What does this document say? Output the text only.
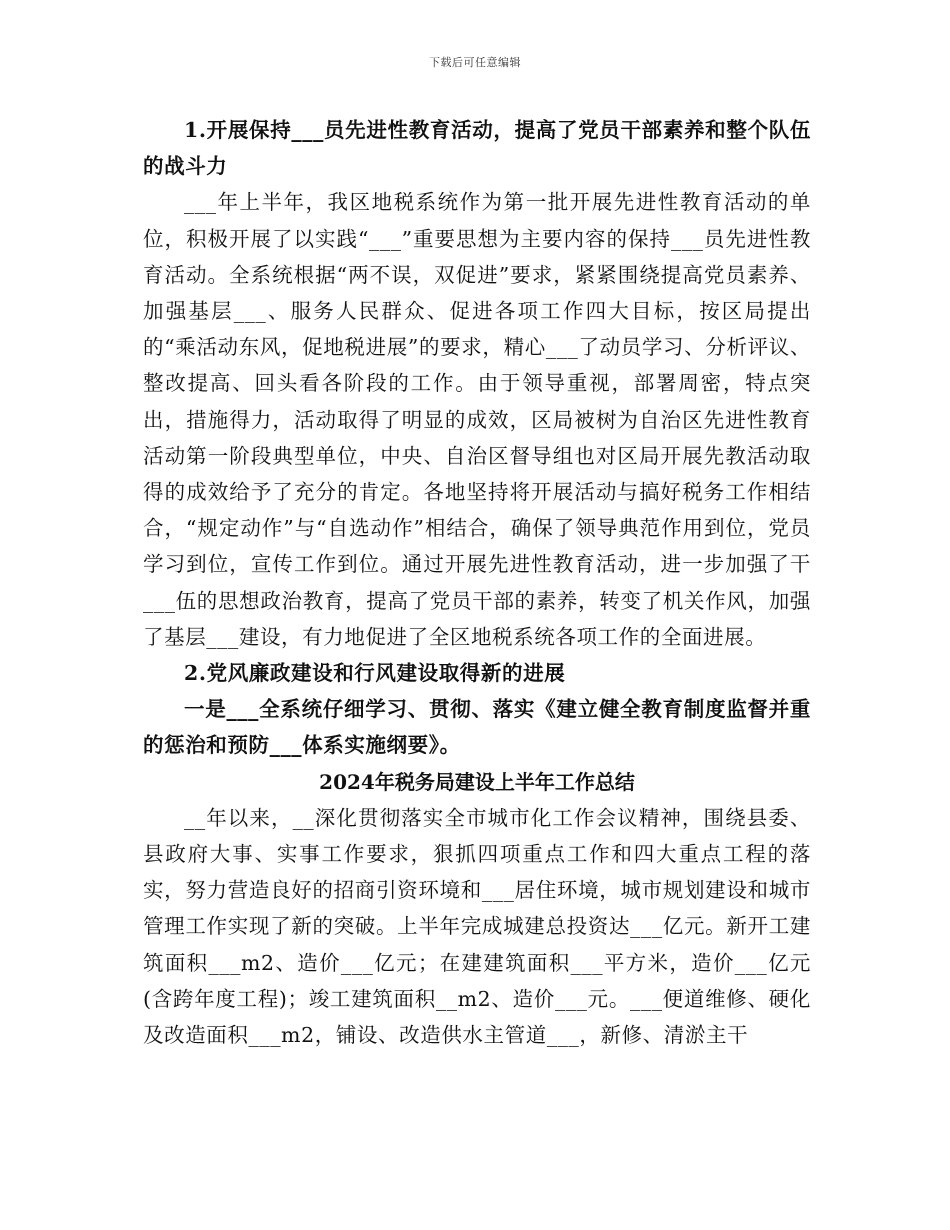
下载后可任意编辑

1.开展保持___员先进性教育活动，提高了党员干部素养和整个队伍的战斗力

___年上半年，我区地税系统作为第一批开展先进性教育活动的单位，积极开展了以实践“___”重要思想为主要内容的保持___员先进性教育活动。全系统根据“两不误，双促进”要求，紧紧围绕提高党员素养、加强基层___、服务人民群众、促进各项工作四大目标，按区局提出的“乘活动东风，促地税进展”的要求，精心___了动员学习、分析评议、整改提高、回头看各阶段的工作。由于领导重视，部署周密，特点突出，措施得力，活动取得了明显的成效，区局被树为自治区先进性教育活动第一阶段典型单位，中央、自治区督导组也对区局开展先教活动取得的成效给予了充分的肯定。各地坚持将开展活动与搞好税务工作相结合，“规定动作”与“自选动作”相结合，确保了领导典范作用到位，党员学习到位，宣传工作到位。通过开展先进性教育活动，进一步加强了干___伍的思想政治教育，提高了党员干部的素养，转变了机关作风，加强了基层___建设，有力地促进了全区地税系统各项工作的全面进展。

2.党风廉政建设和行风建设取得新的进展

一是___全系统仔细学习、贯彻、落实《建立健全教育制度监督并重的惩治和预防___体系实施纲要》。

2024年税务局建设上半年工作总结

__年以来，__深化贯彻落实全市城市化工作会议精神，围绕县委、县政府大事、实事工作要求，狠抓四项重点工作和四大重点工程的落实，努力营造良好的招商引资环境和___居住环境，城市规划建设和城市管理工作实现了新的突破。上半年完成城建总投资达___亿元。新开工建筑面积___m2、造价___亿元；在建建筑面积___平方米，造价___亿元(含跨年度工程)；竣工建筑面积__m2、造价___元。___便道维修、硬化及改造面积___m2，铺设、改造供水主管道___，新修、清淤主干
